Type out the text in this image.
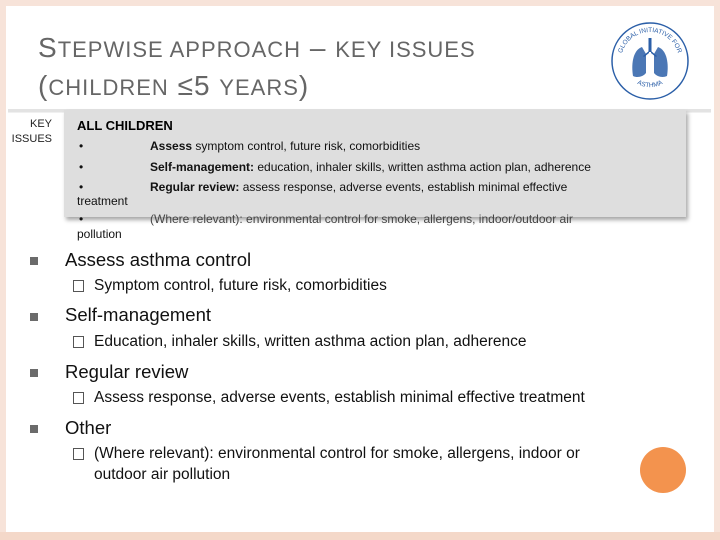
STEPWISE APPROACH – KEY ISSUES
(CHILDREN ≤5 YEARS)
GLOBAL INITIATIVE FOR
ASTHMA
KEY
ISSUES
ALL CHILDREN
•	Assess symptom control, future risk, comorbidities
•	Self-management: education, inhaler skills, written asthma action plan, adherence
•	Regular review: assess response, adverse events, establish minimal effective
treatment
•	(Where relevant): environmental control for smoke, allergens, indoor/outdoor air
pollution
Assess asthma control
Symptom control, future risk, comorbidities
Self-management
Education, inhaler skills, written asthma action plan, adherence
Regular review
Assess response, adverse events, establish minimal effective treatment
Other
(Where relevant): environmental control for smoke, allergens, indoor or
outdoor air pollution
